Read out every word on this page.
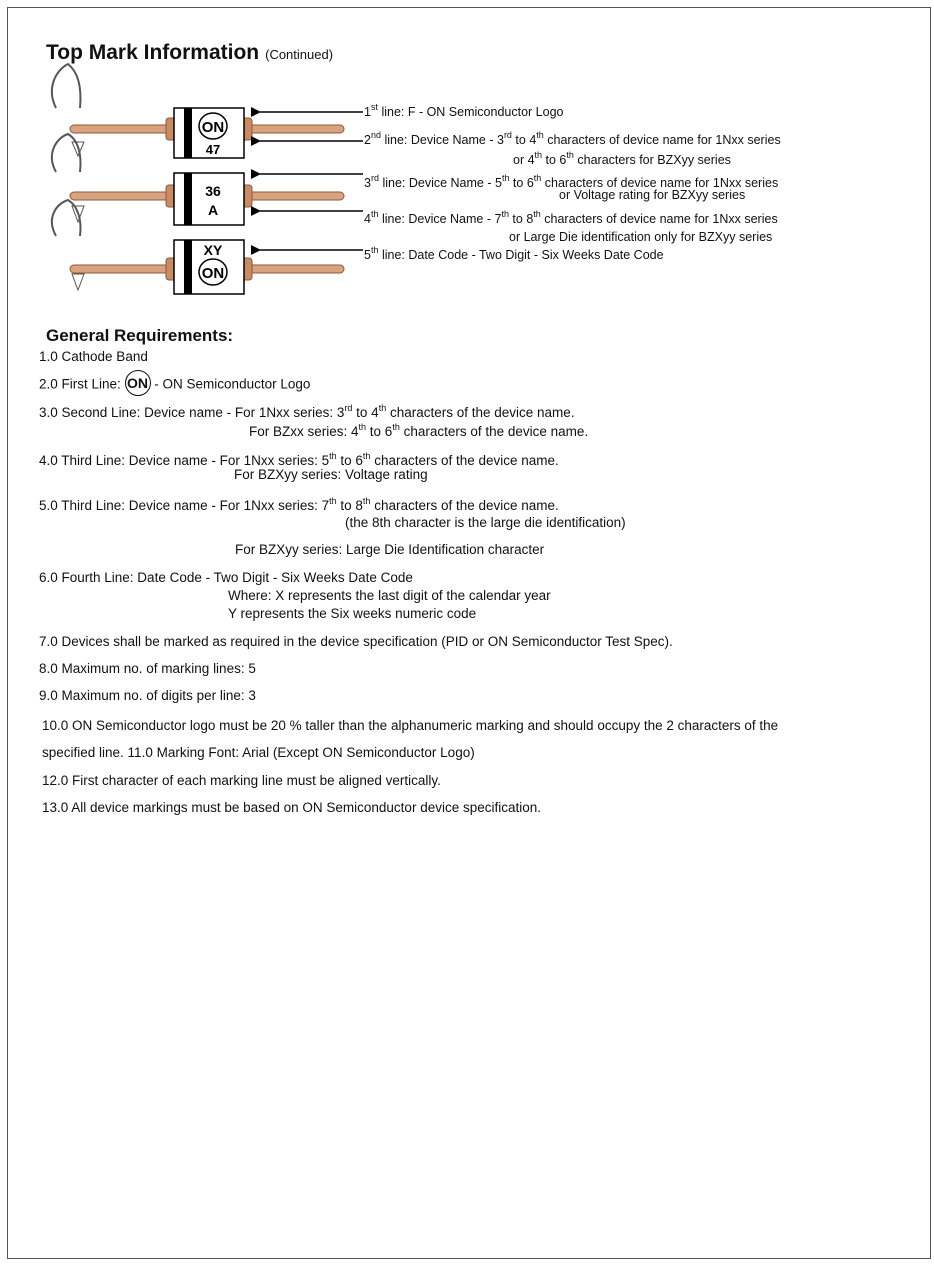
Top Mark Information (Continued)
ON
47
36
A
XY
ON
1st line: F - ON Semiconductor Logo
2nd line: Device Name - 3rd to 4th characters of device name for 1Nxx series
or 4th to 6th characters for BZXyy series
3rd line: Device Name - 5th to 6th characters of device name for 1Nxx series
or Voltage rating for BZXyy series
4th line: Device Name - 7th to 8th characters of device name for 1Nxx series
or Large Die identification only for BZXyy series
5th line: Date Code - Two Digit - Six Weeks Date Code
General Requirements:
1.0 Cathode Band
2.0 First Line: ON - ON Semiconductor Logo
3.0 Second Line: Device name - For 1Nxx series: 3rd to 4th characters of the device name.
For BZxx series: 4th to 6th characters of the device name.
4.0 Third Line: Device name - For 1Nxx series: 5th to 6th characters of the device name.
For BZXyy series: Voltage rating
5.0 Third Line: Device name - For 1Nxx series: 7th to 8th characters of the device name.
(the 8th character is the large die identification)
For BZXyy series: Large Die Identification character
6.0 Fourth Line: Date Code - Two Digit - Six Weeks Date Code
Where: X represents the last digit of the calendar year
Y represents the Six weeks numeric code
7.0 Devices shall be marked as required in the device specification (PID or ON Semiconductor Test Spec).
8.0 Maximum no. of marking lines: 5
9.0 Maximum no. of digits per line: 3
10.0 ON Semiconductor logo must be 20 % taller than the alphanumeric marking and should occupy the 2 characters of the
specified line. 11.0 Marking Font: Arial (Except ON Semiconductor Logo)
12.0 First character of each marking line must be aligned vertically.
13.0 All device markings must be based on ON Semiconductor device specification.
